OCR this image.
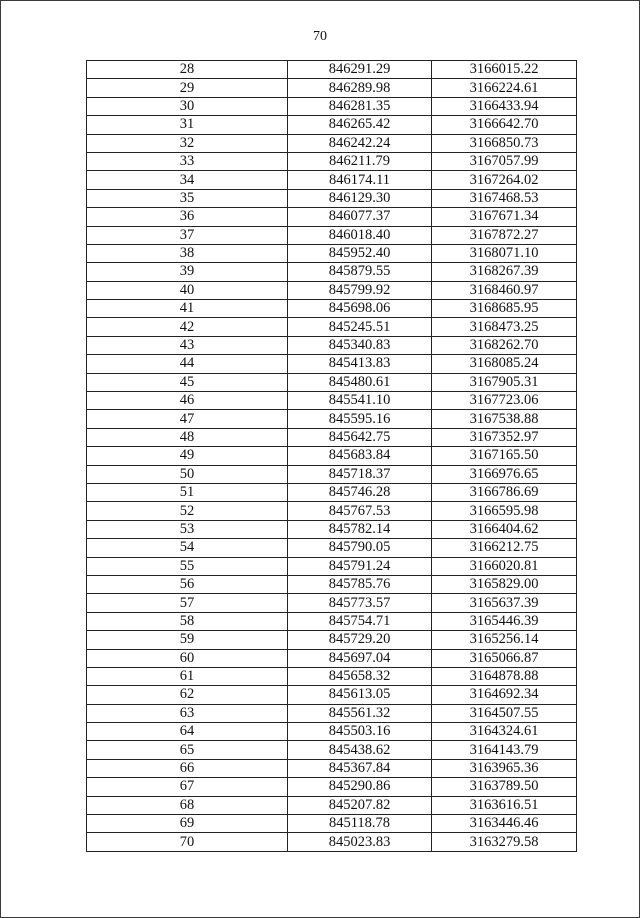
70
28	846291.29	3166015.22
29	846289.98	3166224.61
30	846281.35	3166433.94
31	846265.42	3166642.70
32	846242.24	3166850.73
33	846211.79	3167057.99
34	846174.11	3167264.02
35	846129.30	3167468.53
36	846077.37	3167671.34
37	846018.40	3167872.27
38	845952.40	3168071.10
39	845879.55	3168267.39
40	845799.92	3168460.97
41	845698.06	3168685.95
42	845245.51	3168473.25
43	845340.83	3168262.70
44	845413.83	3168085.24
45	845480.61	3167905.31
46	845541.10	3167723.06
47	845595.16	3167538.88
48	845642.75	3167352.97
49	845683.84	3167165.50
50	845718.37	3166976.65
51	845746.28	3166786.69
52	845767.53	3166595.98
53	845782.14	3166404.62
54	845790.05	3166212.75
55	845791.24	3166020.81
56	845785.76	3165829.00
57	845773.57	3165637.39
58	845754.71	3165446.39
59	845729.20	3165256.14
60	845697.04	3165066.87
61	845658.32	3164878.88
62	845613.05	3164692.34
63	845561.32	3164507.55
64	845503.16	3164324.61
65	845438.62	3164143.79
66	845367.84	3163965.36
67	845290.86	3163789.50
68	845207.82	3163616.51
69	845118.78	3163446.46
70	845023.83	3163279.58
